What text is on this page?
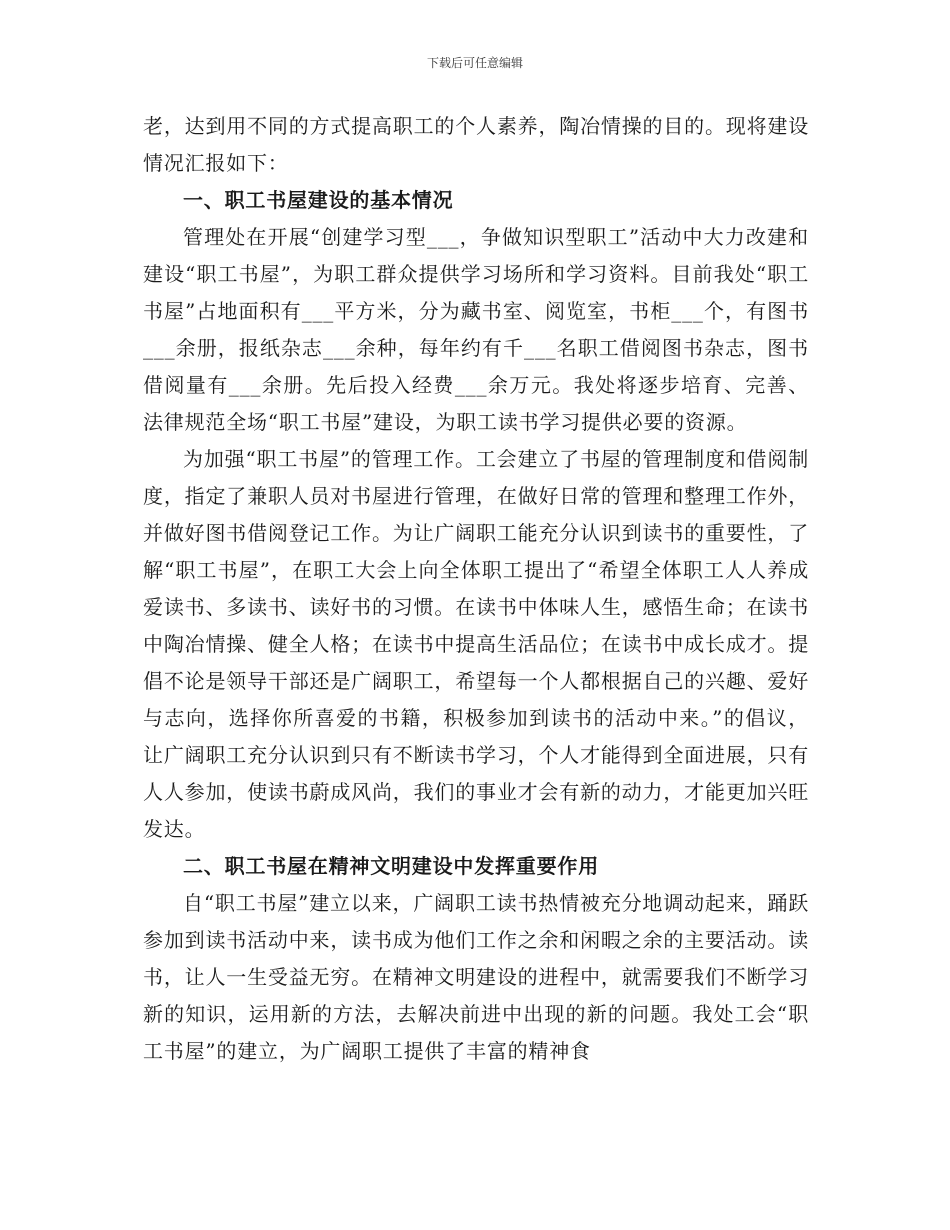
下载后可任意编辑

老，达到用不同的方式提高职工的个人素养，陶冶情操的目的。现将建设情况汇报如下：

一、职工书屋建设的基本情况

管理处在开展“创建学习型___，争做知识型职工”活动中大力改建和建设“职工书屋”，为职工群众提供学习场所和学习资料。目前我处“职工书屋”占地面积有___平方米，分为藏书室、阅览室，书柜___个，有图书___余册，报纸杂志___余种，每年约有千___名职工借阅图书杂志，图书借阅量有___余册。先后投入经费___余万元。我处将逐步培育、完善、法律规范全场“职工书屋”建设，为职工读书学习提供必要的资源。

为加强“职工书屋”的管理工作。工会建立了书屋的管理制度和借阅制度，指定了兼职人员对书屋进行管理，在做好日常的管理和整理工作外，并做好图书借阅登记工作。为让广阔职工能充分认识到读书的重要性，了解“职工书屋”，在职工大会上向全体职工提出了“希望全体职工人人养成爱读书、多读书、读好书的习惯。在读书中体味人生，感悟生命；在读书中陶冶情操、健全人格；在读书中提高生活品位；在读书中成长成才。提倡不论是领导干部还是广阔职工，希望每一个人都根据自己的兴趣、爱好与志向，选择你所喜爱的书籍，积极参加到读书的活动中来。”的倡议，让广阔职工充分认识到只有不断读书学习，个人才能得到全面进展，只有人人参加，使读书蔚成风尚，我们的事业才会有新的动力，才能更加兴旺发达。

二、职工书屋在精神文明建设中发挥重要作用

自“职工书屋”建立以来，广阔职工读书热情被充分地调动起来，踊跃参加到读书活动中来，读书成为他们工作之余和闲暇之余的主要活动。读书，让人一生受益无穷。在精神文明建设的进程中，就需要我们不断学习新的知识，运用新的方法，去解决前进中出现的新的问题。我处工会“职工书屋”的建立，为广阔职工提供了丰富的精神食
